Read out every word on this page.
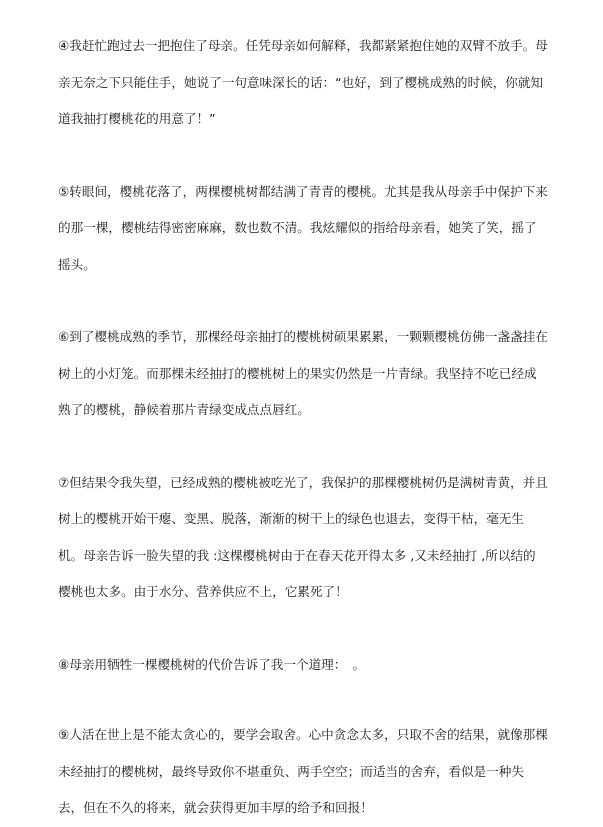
④我赶忙跑过去一把抱住了母亲。任凭母亲如何解释，我都紧紧抱住她的双臂不放手。母亲无奈之下只能住手，她说了一句意味深长的话：“也好，到了樱桃成熟的时候，你就知道我抽打樱桃花的用意了！”

⑤转眼间，樱桃花落了，两棵樱桃树都结满了青青的樱桃。尤其是我从母亲手中保护下来的那一棵，樱桃结得密密麻麻，数也数不清。我炫耀似的指给母亲看，她笑了笑，摇了摇头。

⑥到了樱桃成熟的季节，那棵经母亲抽打的樱桃树硕果累累，一颗颗樱桃仿佛一盏盏挂在树上的小灯笼。而那棵未经抽打的樱桃树上的果实仍然是一片青绿。我坚持不吃已经成熟了的樱桃，静候着那片青绿变成点点唇红。

⑦但结果令我失望，已经成熟的樱桃被吃光了，我保护的那棵樱桃树仍是满树青黄，并且树上的樱桃开始干瘪、变黑、脱落，渐渐的树干上的绿色也退去，变得干枯，毫无生机。母亲告诉一脸失望的我 :这棵樱桃树由于在春天花开得太多 ,又未经抽打 ,所以结的樱桃也太多。由于水分、营养供应不上，它累死了！

⑧母亲用牺牲一棵樱桃树的代价告诉了我一个道理：　。

⑨人活在世上是不能太贪心的，要学会取舍。心中贪念太多，只取不舍的结果，就像那棵未经抽打的樱桃树，最终导致你不堪重负、两手空空；而适当的舍弃，看似是一种失去，但在不久的将来，就会获得更加丰厚的给予和回报！
